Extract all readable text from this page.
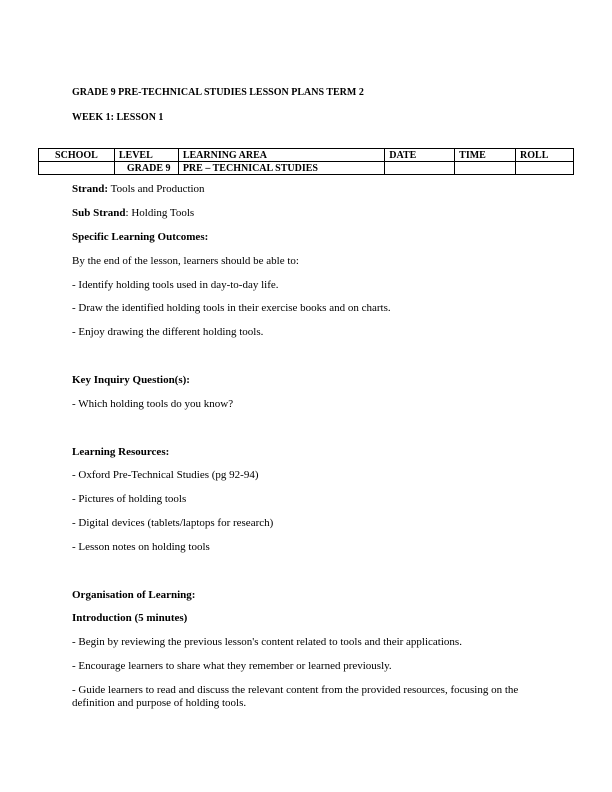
GRADE 9 PRE-TECHNICAL STUDIES LESSON PLANS TERM 2
WEEK 1: LESSON 1
SCHOOL	LEVEL	LEARNING AREA	DATE	TIME	ROLL
	GRADE 9	PRE – TECHNICAL STUDIES			
Strand: Tools and Production
Sub Strand: Holding Tools
Specific Learning Outcomes:
By the end of the lesson, learners should be able to:
- Identify holding tools used in day-to-day life.
- Draw the identified holding tools in their exercise books and on charts.
- Enjoy drawing the different holding tools.
Key Inquiry Question(s):
- Which holding tools do you know?
Learning Resources:
- Oxford Pre-Technical Studies (pg 92-94)
- Pictures of holding tools
- Digital devices (tablets/laptops for research)
- Lesson notes on holding tools
Organisation of Learning:
Introduction (5 minutes)
- Begin by reviewing the previous lesson's content related to tools and their applications.
- Encourage learners to share what they remember or learned previously.
- Guide learners to read and discuss the relevant content from the provided resources, focusing on the definition and purpose of holding tools.
